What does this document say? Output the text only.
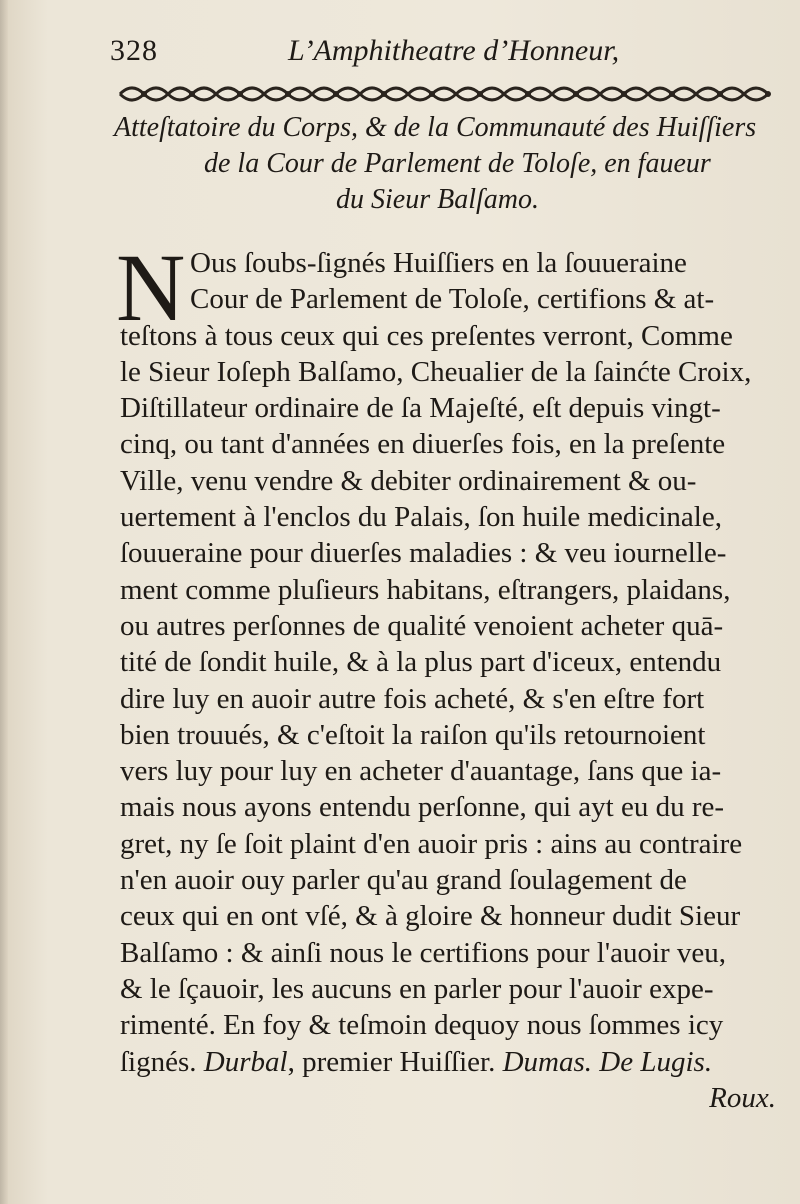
328	L’Amphitheatre d’Honneur,
Atteſtatoire du Corps, & de la Communauté des Huiſſiers
de la Cour de Parlement de Toloſe, en faueur
du Sieur Balſamo.
N Ous ſoubs-ſignés Huiſſiers en la ſouueraine
Cour de Parlement de Toloſe, certifions & at-
teſtons à tous ceux qui ces preſentes verront, Comme
le Sieur Ioſeph Balſamo, Cheualier de la ſainćte Croix,
Diſtillateur ordinaire de ſa Majeſté, eſt depuis vingt-
cinq, ou tant d'années en diuerſes fois, en la preſente
Ville, venu vendre & debiter ordinairement & ou-
uertement à l'enclos du Palais, ſon huile medicinale,
ſouueraine pour diuerſes maladies : & veu iournelle-
ment comme pluſieurs habitans, eſtrangers, plaidans,
ou autres perſonnes de qualité venoient acheter quā-
tité de ſondit huile, & à la plus part d'iceux, entendu
dire luy en auoir autre fois acheté, & s'en eſtre fort
bien trouués, & c'eſtoit la raiſon qu'ils retournoient
vers luy pour luy en acheter d'auantage, ſans que ia-
mais nous ayons entendu perſonne, qui ayt eu du re-
gret, ny ſe ſoit plaint d'en auoir pris : ains au contraire
n'en auoir ouy parler qu'au grand ſoulagement de
ceux qui en ont vſé, & à gloire & honneur dudit Sieur
Balſamo : & ainſi nous le certifions pour l'auoir veu,
& le ſçauoir, les aucuns en parler pour l'auoir expe-
rimenté. En foy & teſmoin dequoy nous ſommes icy
ſignés. Durbal, premier Huiſſier. Dumas. De Lugis.
Roux.
